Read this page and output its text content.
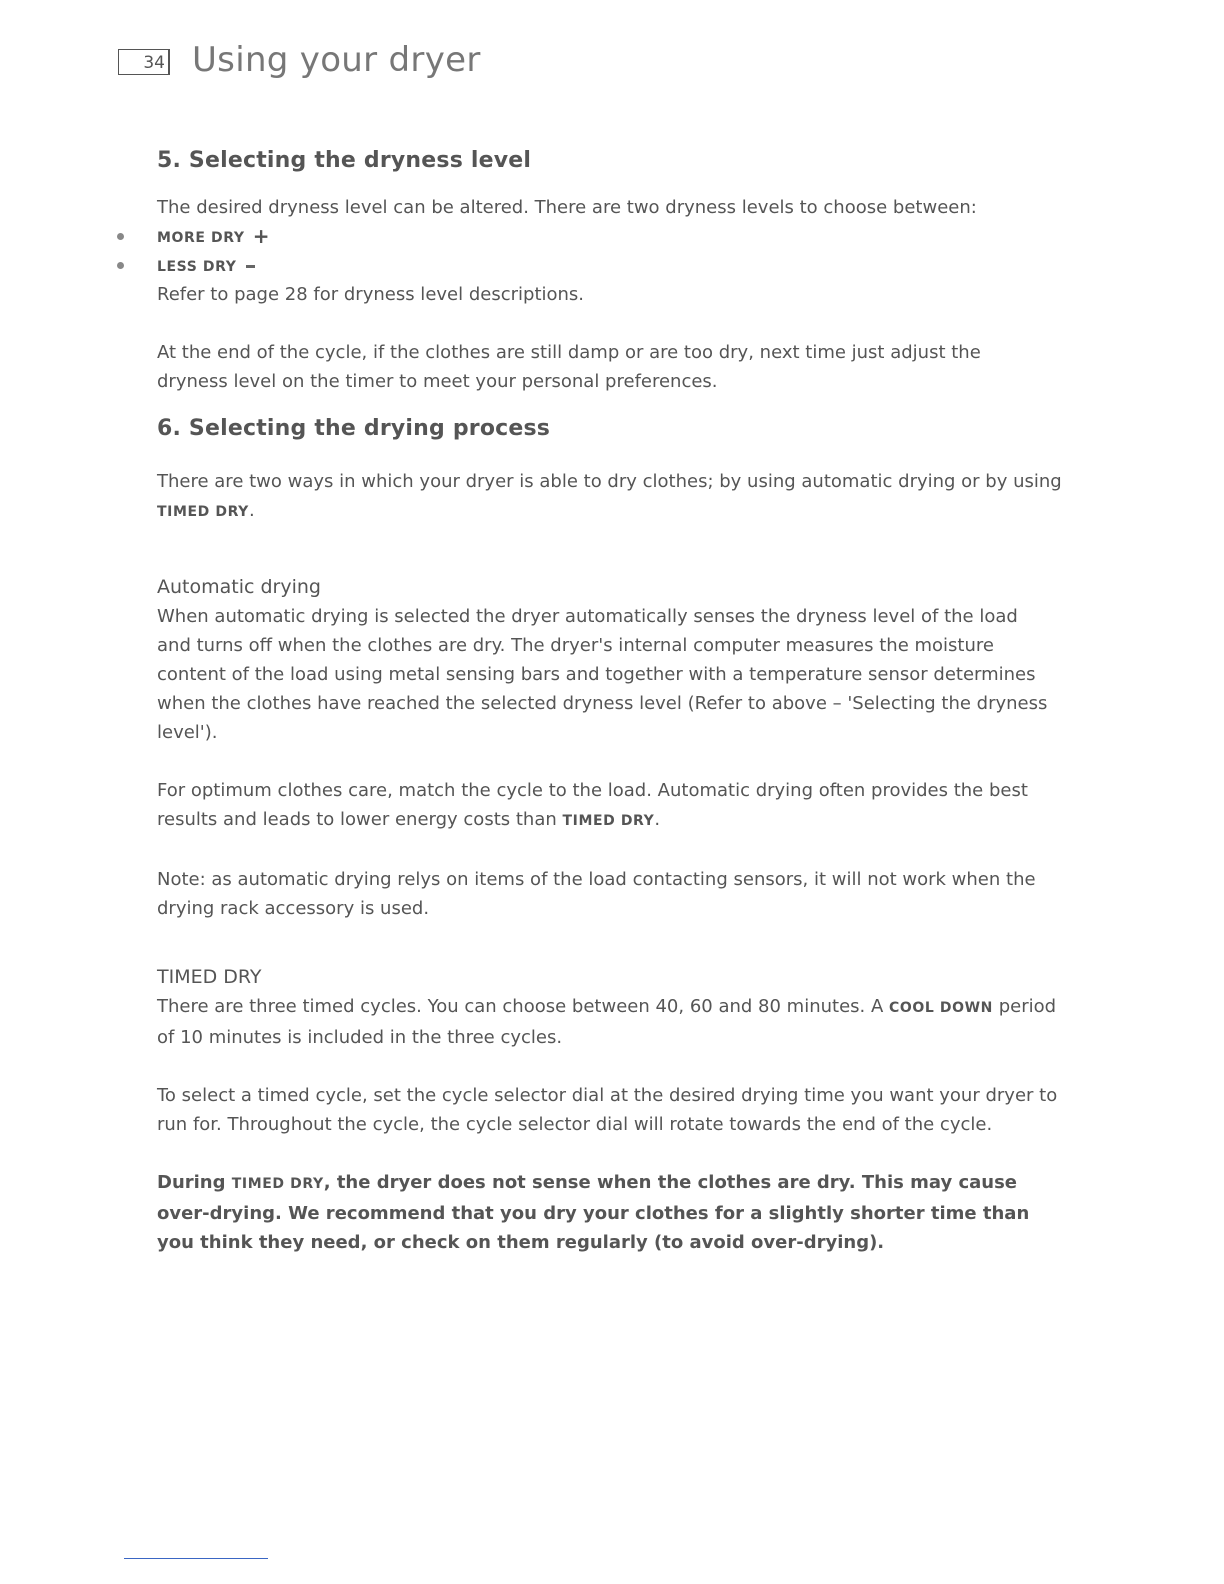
34 Using your dryer
5. Selecting the dryness level

The desired dryness level can be altered. There are two dryness levels to choose between:

MORE DRY +
LESS DRY

Refer to page 28 for dryness level descriptions.

At the end of the cycle, if the clothes are still damp or are too dry, next time just adjust the dryness level on the timer to meet your personal preferences.

6. Selecting the drying process

There are two ways in which your dryer is able to dry clothes; by using automatic drying or by using TIMED DRY.

Automatic drying

When automatic drying is selected the dryer automatically senses the dryness level of the load and turns off when the clothes are dry. The dryer's internal computer measures the moisture content of the load using metal sensing bars and together with a temperature sensor determines when the clothes have reached the selected dryness level (Refer to above – 'Selecting the dryness level').

For optimum clothes care, match the cycle to the load. Automatic drying often provides the best results and leads to lower energy costs than TIMED DRY.

Note: as automatic drying relys on items of the load contacting sensors, it will not work when the drying rack accessory is used.

TIMED DRY

There are three timed cycles. You can choose between 40, 60 and 80 minutes. A COOL DOWN period of 10 minutes is included in the three cycles.

To select a timed cycle, set the cycle selector dial at the desired drying time you want your dryer to run for. Throughout the cycle, the cycle selector dial will rotate towards the end of the cycle.

During TIMED DRY, the dryer does not sense when the clothes are dry. This may cause over-drying. We recommend that you dry your clothes for a slightly shorter time than you think they need, or check on them regularly (to avoid over-drying).
